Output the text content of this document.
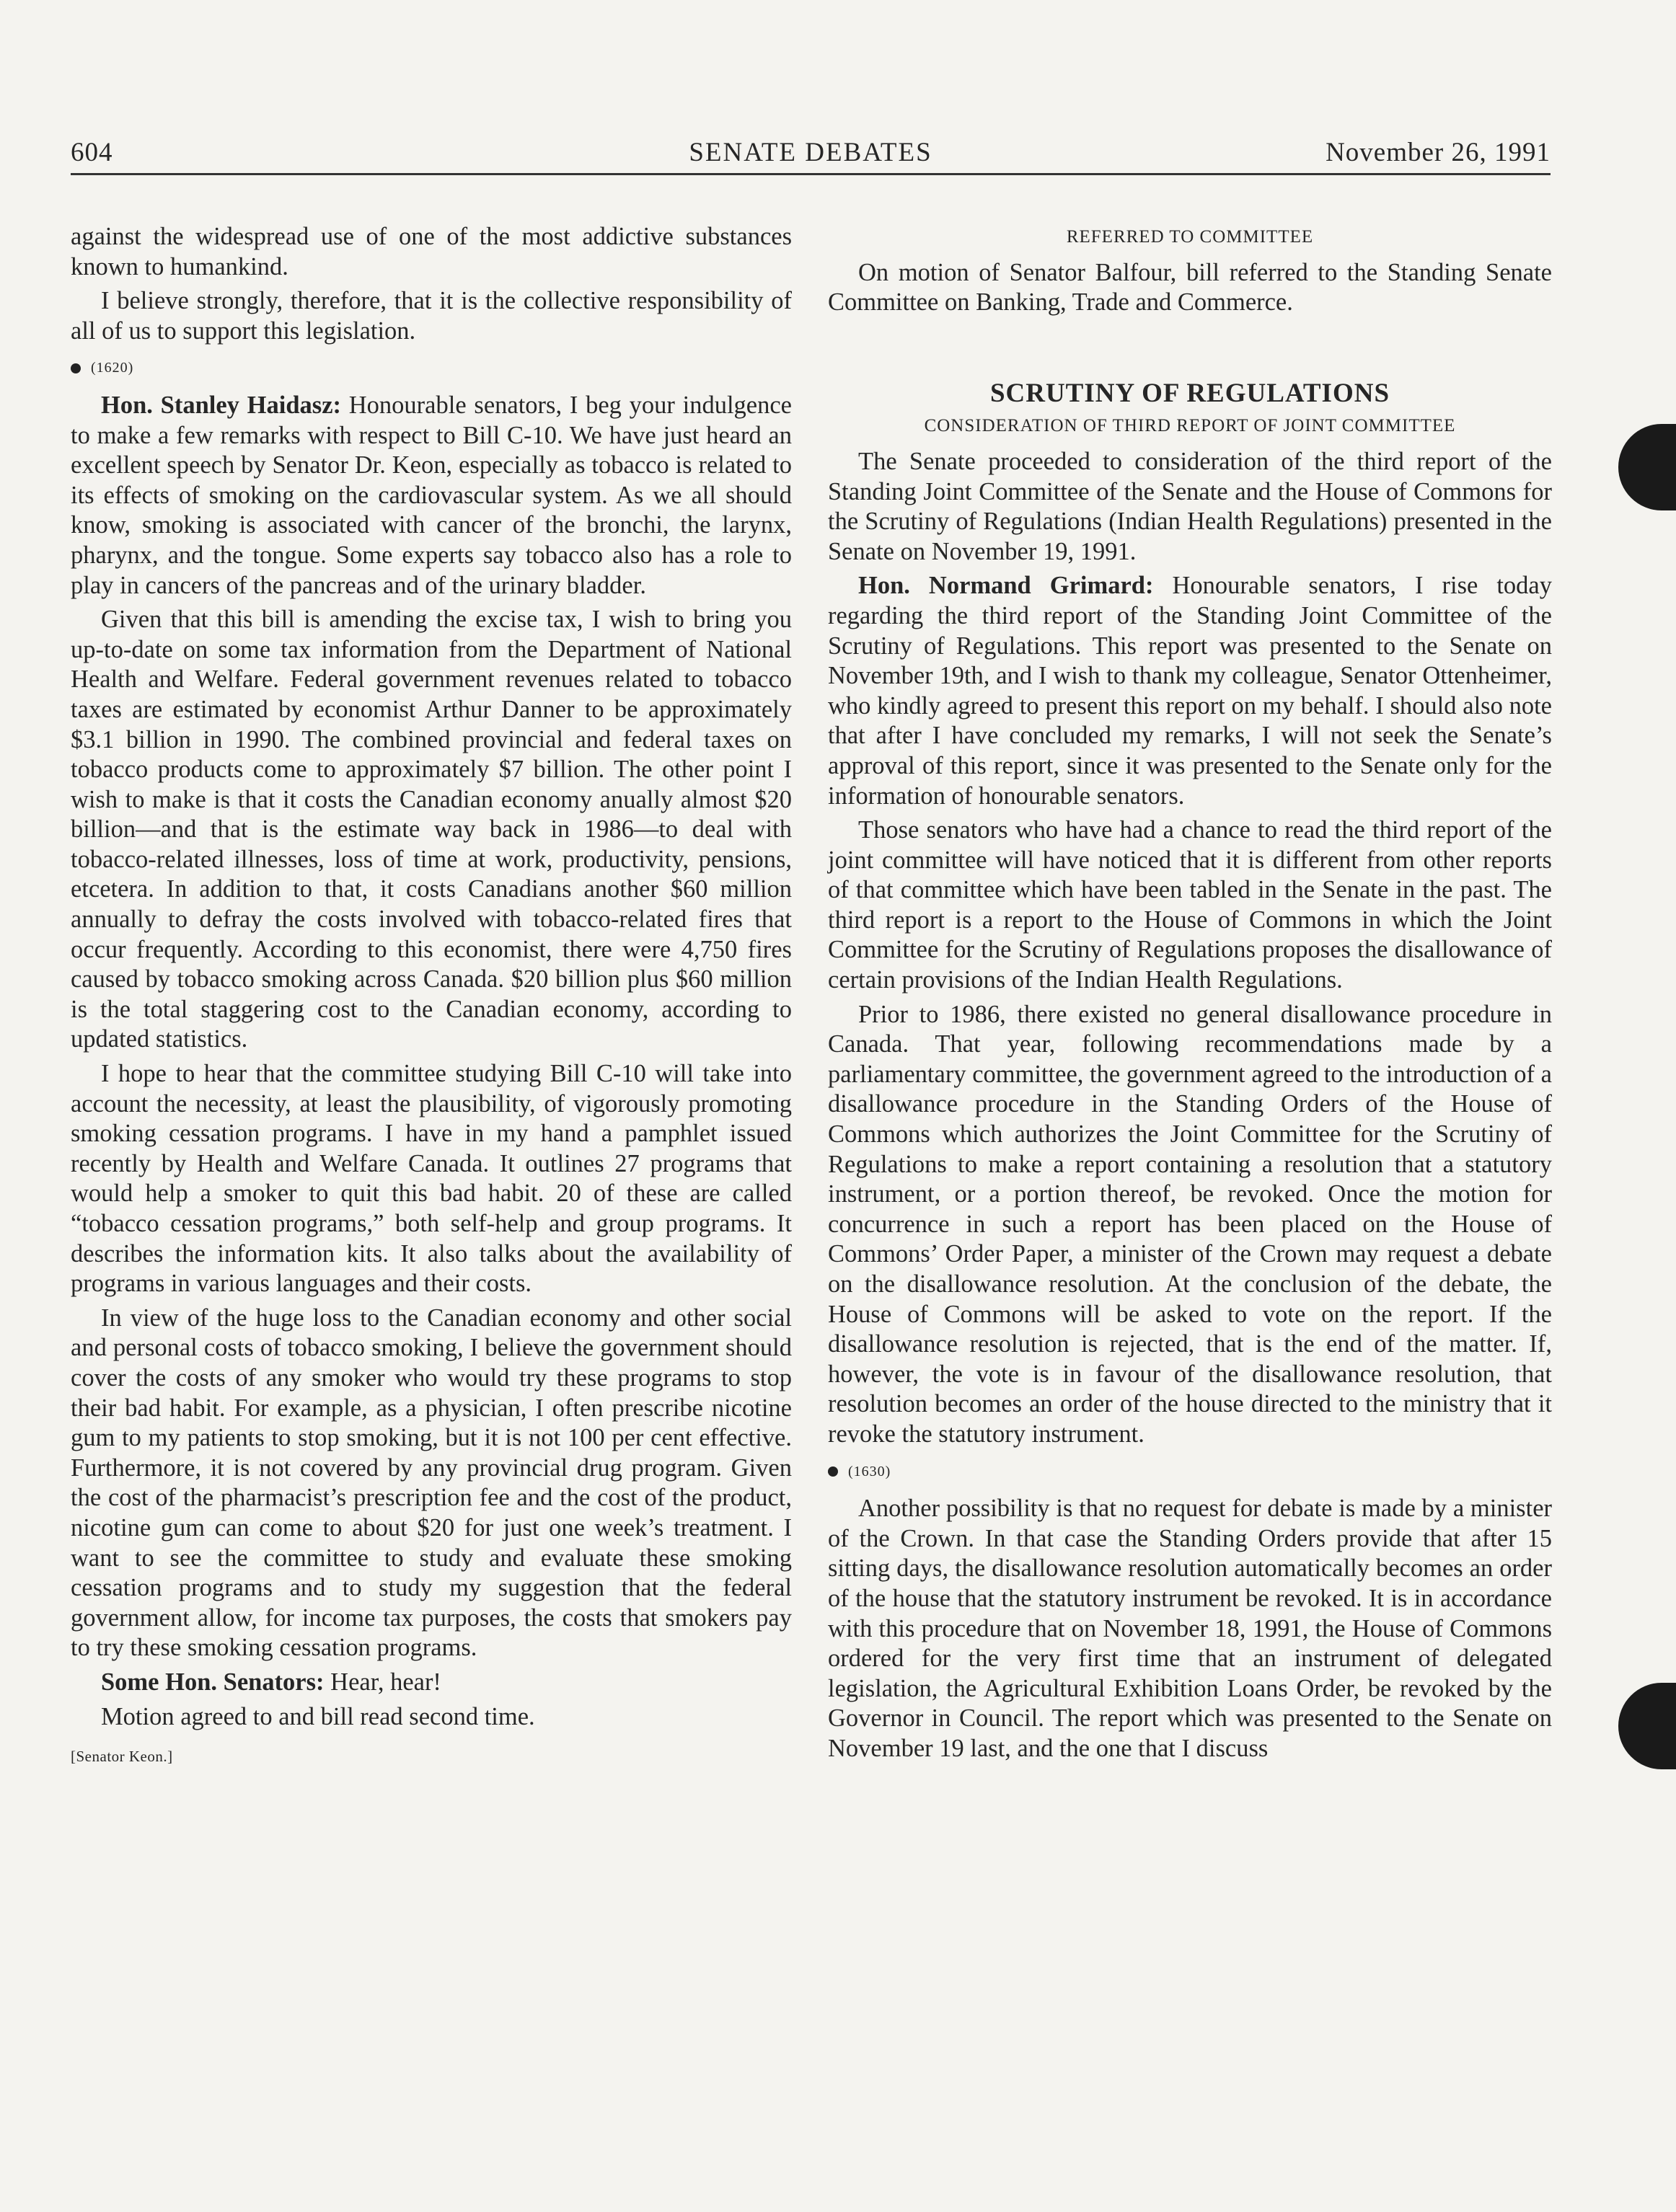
604	SENATE DEBATES	November 26, 1991

against the widespread use of one of the most addictive substances known to humankind.

I believe strongly, therefore, that it is the collective responsibility of all of us to support this legislation.

(1620)

Hon. Stanley Haidasz: Honourable senators, I beg your indulgence to make a few remarks with respect to Bill C-10. We have just heard an excellent speech by Senator Dr. Keon, especially as tobacco is related to its effects of smoking on the cardiovascular system. As we all should know, smoking is associated with cancer of the bronchi, the larynx, pharynx, and the tongue. Some experts say tobacco also has a role to play in cancers of the pancreas and of the urinary bladder.

Given that this bill is amending the excise tax, I wish to bring you up-to-date on some tax information from the Department of National Health and Welfare. Federal government revenues related to tobacco taxes are estimated by economist Arthur Danner to be approximately $3.1 billion in 1990. The combined provincial and federal taxes on tobacco products come to approximately $7 billion. The other point I wish to make is that it costs the Canadian economy anually almost $20 billion—and that is the estimate way back in 1986—to deal with tobacco-related illnesses, loss of time at work, productivity, pensions, etcetera. In addition to that, it costs Canadians another $60 million annually to defray the costs involved with tobacco-related fires that occur frequently. According to this economist, there were 4,750 fires caused by tobacco smoking across Canada. $20 billion plus $60 million is the total staggering cost to the Canadian economy, according to updated statistics.

I hope to hear that the committee studying Bill C-10 will take into account the necessity, at least the plausibility, of vigorously promoting smoking cessation programs. I have in my hand a pamphlet issued recently by Health and Welfare Canada. It outlines 27 programs that would help a smoker to quit this bad habit. 20 of these are called “tobacco cessation programs,” both self-help and group programs. It describes the information kits. It also talks about the availability of programs in various languages and their costs.

In view of the huge loss to the Canadian economy and other social and personal costs of tobacco smoking, I believe the government should cover the costs of any smoker who would try these programs to stop their bad habit. For example, as a physician, I often prescribe nicotine gum to my patients to stop smoking, but it is not 100 per cent effective. Furthermore, it is not covered by any provincial drug program. Given the cost of the pharmacist’s prescription fee and the cost of the product, nicotine gum can come to about $20 for just one week’s treatment. I want to see the committee to study and evaluate these smoking cessation programs and to study my suggestion that the federal government allow, for income tax purposes, the costs that smokers pay to try these smoking cessation programs.

Some Hon. Senators: Hear, hear!

Motion agreed to and bill read second time.

[Senator Keon.]
REFERRED TO COMMITTEE

On motion of Senator Balfour, bill referred to the Standing Senate Committee on Banking, Trade and Commerce.

SCRUTINY OF REGULATIONS
CONSIDERATION OF THIRD REPORT OF JOINT COMMITTEE

The Senate proceeded to consideration of the third report of the Standing Joint Committee of the Senate and the House of Commons for the Scrutiny of Regulations (Indian Health Regulations) presented in the Senate on November 19, 1991.

Hon. Normand Grimard: Honourable senators, I rise today regarding the third report of the Standing Joint Committee of the Scrutiny of Regulations. This report was presented to the Senate on November 19th, and I wish to thank my colleague, Senator Ottenheimer, who kindly agreed to present this report on my behalf. I should also note that after I have concluded my remarks, I will not seek the Senate’s approval of this report, since it was presented to the Senate only for the information of honourable senators.

Those senators who have had a chance to read the third report of the joint committee will have noticed that it is different from other reports of that committee which have been tabled in the Senate in the past. The third report is a report to the House of Commons in which the Joint Committee for the Scrutiny of Regulations proposes the disallowance of certain provisions of the Indian Health Regulations.

Prior to 1986, there existed no general disallowance procedure in Canada. That year, following recommendations made by a parliamentary committee, the government agreed to the introduction of a disallowance procedure in the Standing Orders of the House of Commons which authorizes the Joint Committee for the Scrutiny of Regulations to make a report containing a resolution that a statutory instrument, or a portion thereof, be revoked. Once the motion for concurrence in such a report has been placed on the House of Commons’ Order Paper, a minister of the Crown may request a debate on the disallowance resolution. At the conclusion of the debate, the House of Commons will be asked to vote on the report. If the disallowance resolution is rejected, that is the end of the matter. If, however, the vote is in favour of the disallowance resolution, that resolution becomes an order of the house directed to the ministry that it revoke the statutory instrument.

(1630)

Another possibility is that no request for debate is made by a minister of the Crown. In that case the Standing Orders provide that after 15 sitting days, the disallowance resolution automatically becomes an order of the house that the statutory instrument be revoked. It is in accordance with this procedure that on November 18, 1991, the House of Commons ordered for the very first time that an instrument of delegated legislation, the Agricultural Exhibition Loans Order, be revoked by the Governor in Council. The report which was presented to the Senate on November 19 last, and the one that I discuss
